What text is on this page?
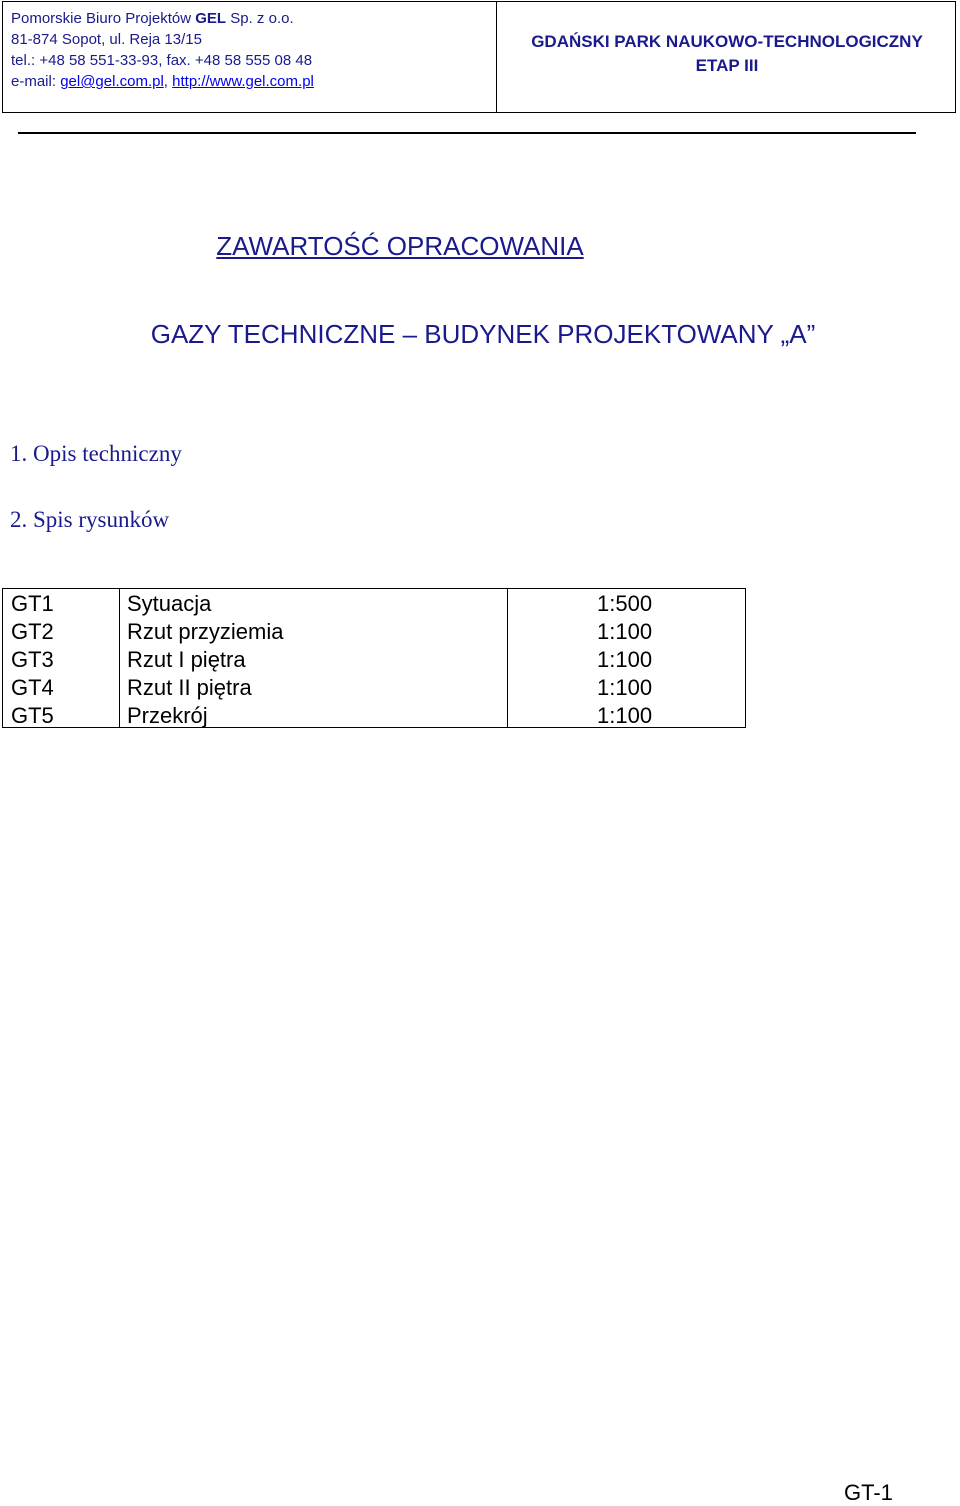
Pomorskie Biuro Projektów GEL Sp. z o.o.
81-874 Sopot, ul. Reja 13/15
tel.: +48 58 551-33-93, fax. +48 58 555 08 48
e-mail: gel@gel.com.pl, http://www.gel.com.pl
GDAŃSKI PARK NAUKOWO-TECHNOLOGICZNY
ETAP III
ZAWARTOŚĆ OPRACOWANIA
GAZY TECHNICZNE – BUDYNEK PROJEKTOWANY „A”
1. Opis techniczny
2. Spis rysunków
GT1	Sytuacja	1:500
GT2	Rzut przyziemia	1:100
GT3	Rzut I piętra	1:100
GT4	Rzut II piętra	1:100
GT5	Przekrój	1:100
GT-1
